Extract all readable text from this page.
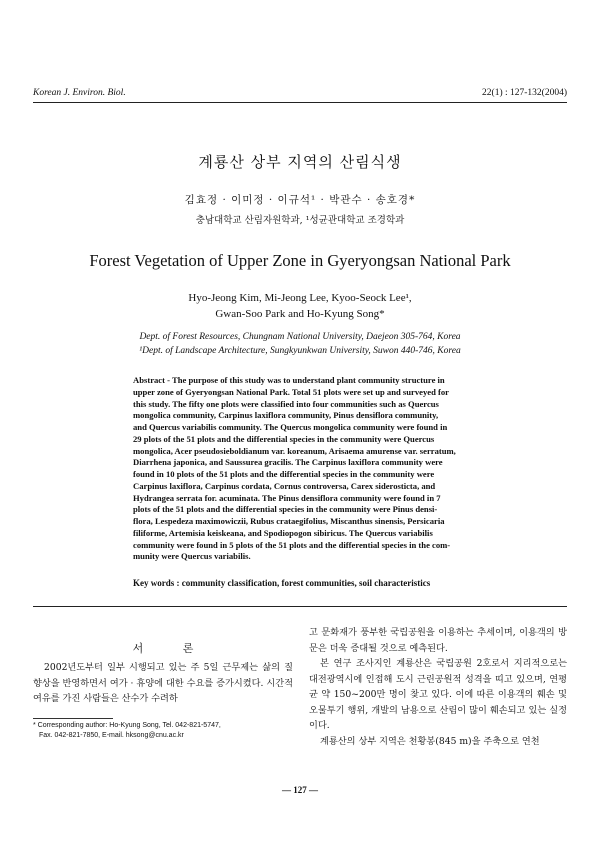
Korean J. Environ. Biol.	22(1) : 127-132(2004)
계룡산 상부 지역의 산림식생
김효정 · 이미정 · 이규석¹ · 박관수 · 송호경*
충남대학교 산림자원학과, ¹성균관대학교 조경학과
Forest Vegetation of Upper Zone in Gyeryongsan National Park
Hyo-Jeong Kim, Mi-Jeong Lee, Kyoo-Seock Lee¹,
Gwan-Soo Park and Ho-Kyung Song*
Dept. of Forest Resources, Chungnam National University, Daejeon 305-764, Korea
¹Dept. of Landscape Architecture, Sungkyunkwan University, Suwon 440-746, Korea
Abstract - The purpose of this study was to understand plant community structure in
upper zone of Gyeryongsan National Park. Total 51 plots were set up and surveyed for
this study. The fifty one plots were classified into four communities such as Quercus
mongolica community, Carpinus laxiflora community, Pinus densiflora community,
and Quercus variabilis community. The Quercus mongolica community were found in
29 plots of the 51 plots and the differential species in the community were Quercus
mongolica, Acer pseudosieboldianum var. koreanum, Arisaema amurense var. serratum,
Diarrhena japonica, and Saussurea gracilis. The Carpinus laxiflora community were
found in 10 plots of the 51 plots and the differential species in the community were
Carpinus laxiflora, Carpinus cordata, Cornus controversa, Carex siderosticta, and
Hydrangea serrata for. acuminata. The Pinus densiflora community were found in 7
plots of the 51 plots and the differential species in the community were Pinus densi-
flora, Lespedeza maximowiczii, Rubus crataegifolius, Miscanthus sinensis, Persicaria
filiforme, Artemisia keiskeana, and Spodiopogon sibiricus. The Quercus variabilis
community were found in 5 plots of the 51 plots and the differential species in the com-
munity were Quercus variabilis.
Key words : community classification, forest communities, soil characteristics
서 론

2002년도부터 일부 시행되고 있는 주 5일 근무제는 삶의 질 향상을 반영하면서 여가 · 휴양에 대한 수요를 증가시켰다. 시간적 여유를 가진 사람들은 산수가 수려하

고 문화재가 풍부한 국립공원을 이용하는 추세이며, 이용객의 방문은 더욱 증대될 것으로 예측된다.

본 연구 조사지인 계룡산은 국립공원 2호로서 지리적으로는 대전광역시에 인접해 도시 근린공원적 성격을 띠고 있으며, 연평균 약 150~200만 명이 찾고 있다. 이에 따른 이용객의 훼손 및 오물투기 행위, 개발의 남용으로 산림이 많이 훼손되고 있는 실정이다.

계룡산의 상부 지역은 천황봉(845 m)을 주축으로 연천

* Corresponding author: Ho-Kyung Song, Tel. 042-821-5747,
Fax. 042-821-7850, E-mail. hksong@cnu.ac.kr
— 127 —
